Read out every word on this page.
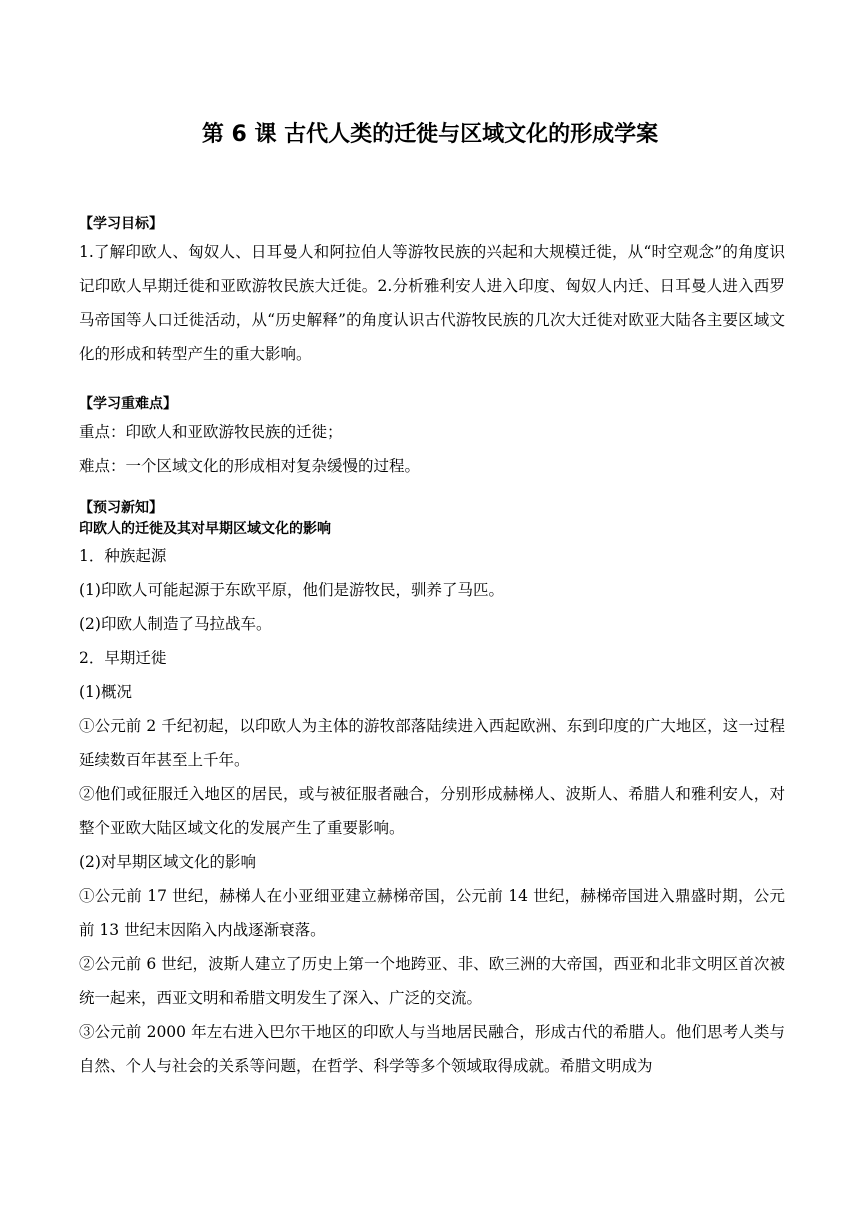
第 6 课 古代人类的迁徙与区域文化的形成学案
【学习目标】
1.了解印欧人、匈奴人、日耳曼人和阿拉伯人等游牧民族的兴起和大规模迁徙，从“时空观念”的角度识记印欧人早期迁徙和亚欧游牧民族大迁徙。2.分析雅利安人进入印度、匈奴人内迁、日耳曼人进入西罗马帝国等人口迁徙活动，从“历史解释”的角度认识古代游牧民族的几次大迁徙对欧亚大陆各主要区域文化的形成和转型产生的重大影响。
【学习重难点】
重点：印欧人和亚欧游牧民族的迁徙；
难点：一个区域文化的形成相对复杂缓慢的过程。
【预习新知】
印欧人的迁徙及其对早期区域文化的影响
1．种族起源
(1)印欧人可能起源于东欧平原，他们是游牧民，驯养了马匹。
(2)印欧人制造了马拉战车。
2．早期迁徙
(1)概况
①公元前 2 千纪初起，以印欧人为主体的游牧部落陆续进入西起欧洲、东到印度的广大地区，这一过程延续数百年甚至上千年。
②他们或征服迁入地区的居民，或与被征服者融合，分别形成赫梯人、波斯人、希腊人和雅利安人，对整个亚欧大陆区域文化的发展产生了重要影响。
(2)对早期区域文化的影响
①公元前 17 世纪，赫梯人在小亚细亚建立赫梯帝国，公元前 14 世纪，赫梯帝国进入鼎盛时期，公元前 13 世纪末因陷入内战逐渐衰落。
②公元前 6 世纪，波斯人建立了历史上第一个地跨亚、非、欧三洲的大帝国，西亚和北非文明区首次被统一起来，西亚文明和希腊文明发生了深入、广泛的交流。
③公元前 2000 年左右进入巴尔干地区的印欧人与当地居民融合，形成古代的希腊人。他们思考人类与自然、个人与社会的关系等问题，在哲学、科学等多个领域取得成就。希腊文明成为
